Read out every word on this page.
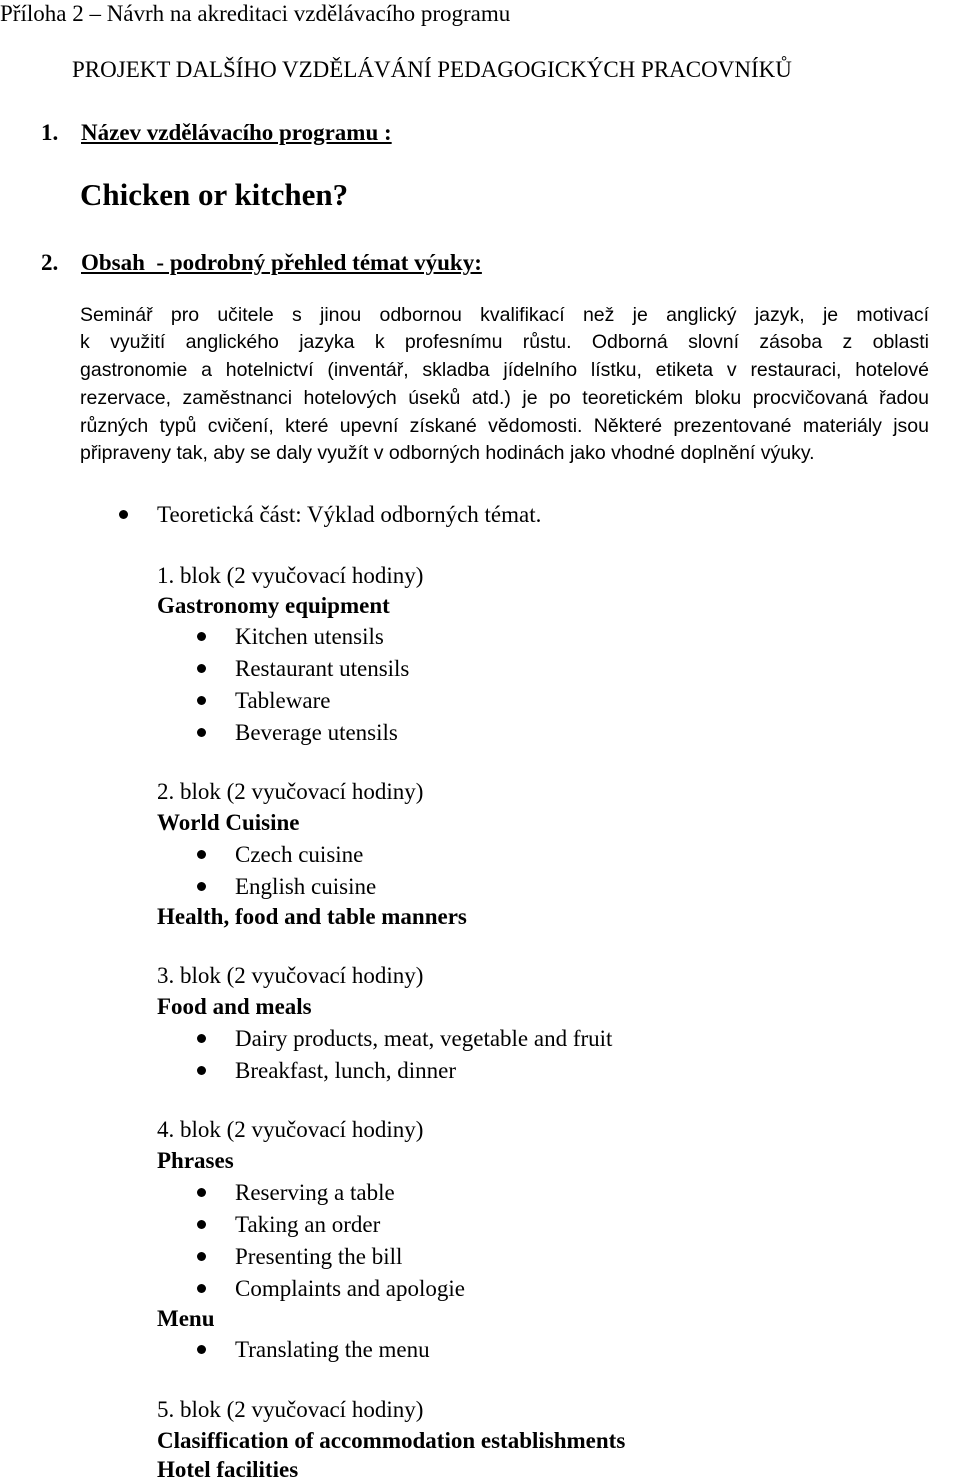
Příloha 2 – Návrh na akreditaci vzdělávacího programu
PROJEKT DALŠÍHO VZDĚLÁVÁNÍ PEDAGOGICKÝCH PRACOVNÍKŮ
1. Název vzdělávacího programu :
Chicken or kitchen?
2. Obsah  - podrobný přehled témat výuky:
Seminář pro učitele s jinou odbornou kvalifikací než je anglický jazyk, je motivací
k využití anglického jazyka k profesnímu růstu. Odborná slovní zásoba z oblasti
gastronomie a hotelnictví (inventář, skladba jídelního lístku, etiketa v restauraci, hotelové
rezervace, zaměstnanci hotelových úseků atd.) je po teoretickém bloku procvičovaná řadou
různých typů cvičení, které upevní získané vědomosti. Některé prezentované materiály jsou
připraveny tak, aby se daly využít v odborných hodinách jako vhodné doplnění výuky.
Teoretická část: Výklad odborných témat.
1. blok (2 vyučovací hodiny)
Gastronomy equipment
Kitchen utensils
Restaurant utensils
Tableware
Beverage utensils
2. blok (2 vyučovací hodiny)
World Cuisine
Czech cuisine
English cuisine
Health, food and table manners
3. blok (2 vyučovací hodiny)
Food and meals
Dairy products, meat, vegetable and fruit
Breakfast, lunch, dinner
4. blok (2 vyučovací hodiny)
Phrases
Reserving a table
Taking an order
Presenting the bill
Complaints and apologie
Menu
Translating the menu
5. blok (2 vyučovací hodiny)
Clasiffication of accommodation establishments
Hotel facilities
